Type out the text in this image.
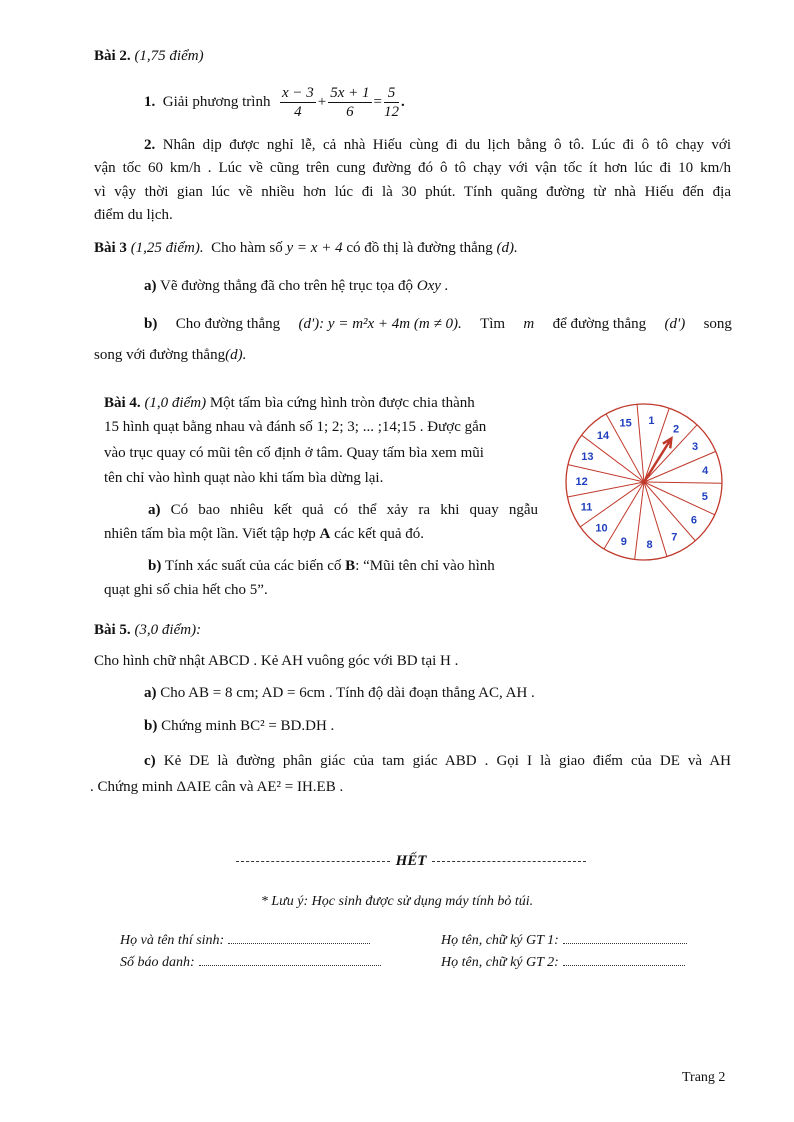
Bài 2. (1,75 điểm)
1.
Giải phương trình
$\frac{x - 3}{4} + \frac{5x + 1}{6} = \frac{5}{12}$ .
2. Nhân dịp được nghỉ lễ, cả nhà Hiếu cùng đi du lịch bằng ô tô. Lúc đi ô tô chạy với
vận tốc 60 km/h . Lúc về cũng trên cung đường đó ô tô chạy với vận tốc ít hơn lúc đi 10 km/h
vì vậy thời gian lúc về nhiều hơn lúc đi là 30 phút. Tính quãng đường từ nhà Hiếu đến địa
điểm du lịch.
Bài 3 (1,25 điểm). Cho hàm số y = x + 4 có đồ thị là đường thẳng (d).
a) Vẽ đường thẳng đã cho trên hệ trục tọa độ Oxy .
b) Cho đường thẳng (d'): y = m²x + 4m (m ≠ 0). Tìm m để đường thẳng (d') song
song với đường thẳng(d).
Bài 4. (1,0 điểm) Một tấm bìa cứng hình tròn được chia thành
15 hình quạt bằng nhau và đánh số 1; 2; 3; ... ;14;15 . Được gắn
vào trục quay có mũi tên cố định ở tâm. Quay tấm bìa xem mũi
tên chỉ vào hình quạt nào khi tấm bìa dừng lại.
a) Có bao nhiêu kết quả có thể xảy ra khi quay ngẫu
nhiên tấm bìa một lần. Viết tập hợp A các kết quả đó.
b) Tính xác suất của các biến cố B: “Mũi tên chỉ vào hình
quạt ghi số chia hết cho 5”.
1
2
3
4
5
6
7
8
9
10
11
12
13
14
15
Bài 5. (3,0 điểm):
Cho hình chữ nhật ABCD . Kẻ AH vuông góc với BD tại H .
a) Cho AB = 8 cm; AD = 6cm . Tính độ dài đoạn thẳng AC, AH .
b) Chứng minh BC² = BD.DH .
c) Kẻ DE là đường phân giác của tam giác ABD . Gọi I là giao điểm của DE và AH
. Chứng minh ΔAIE cân và AE² = IH.EB .
HẾT
* Lưu ý: Học sinh được sử dụng máy tính bỏ túi.
Họ và tên thí sinh:
Số báo danh:
Họ tên, chữ ký GT 1:
Họ tên, chữ ký GT 2:
Trang 2
